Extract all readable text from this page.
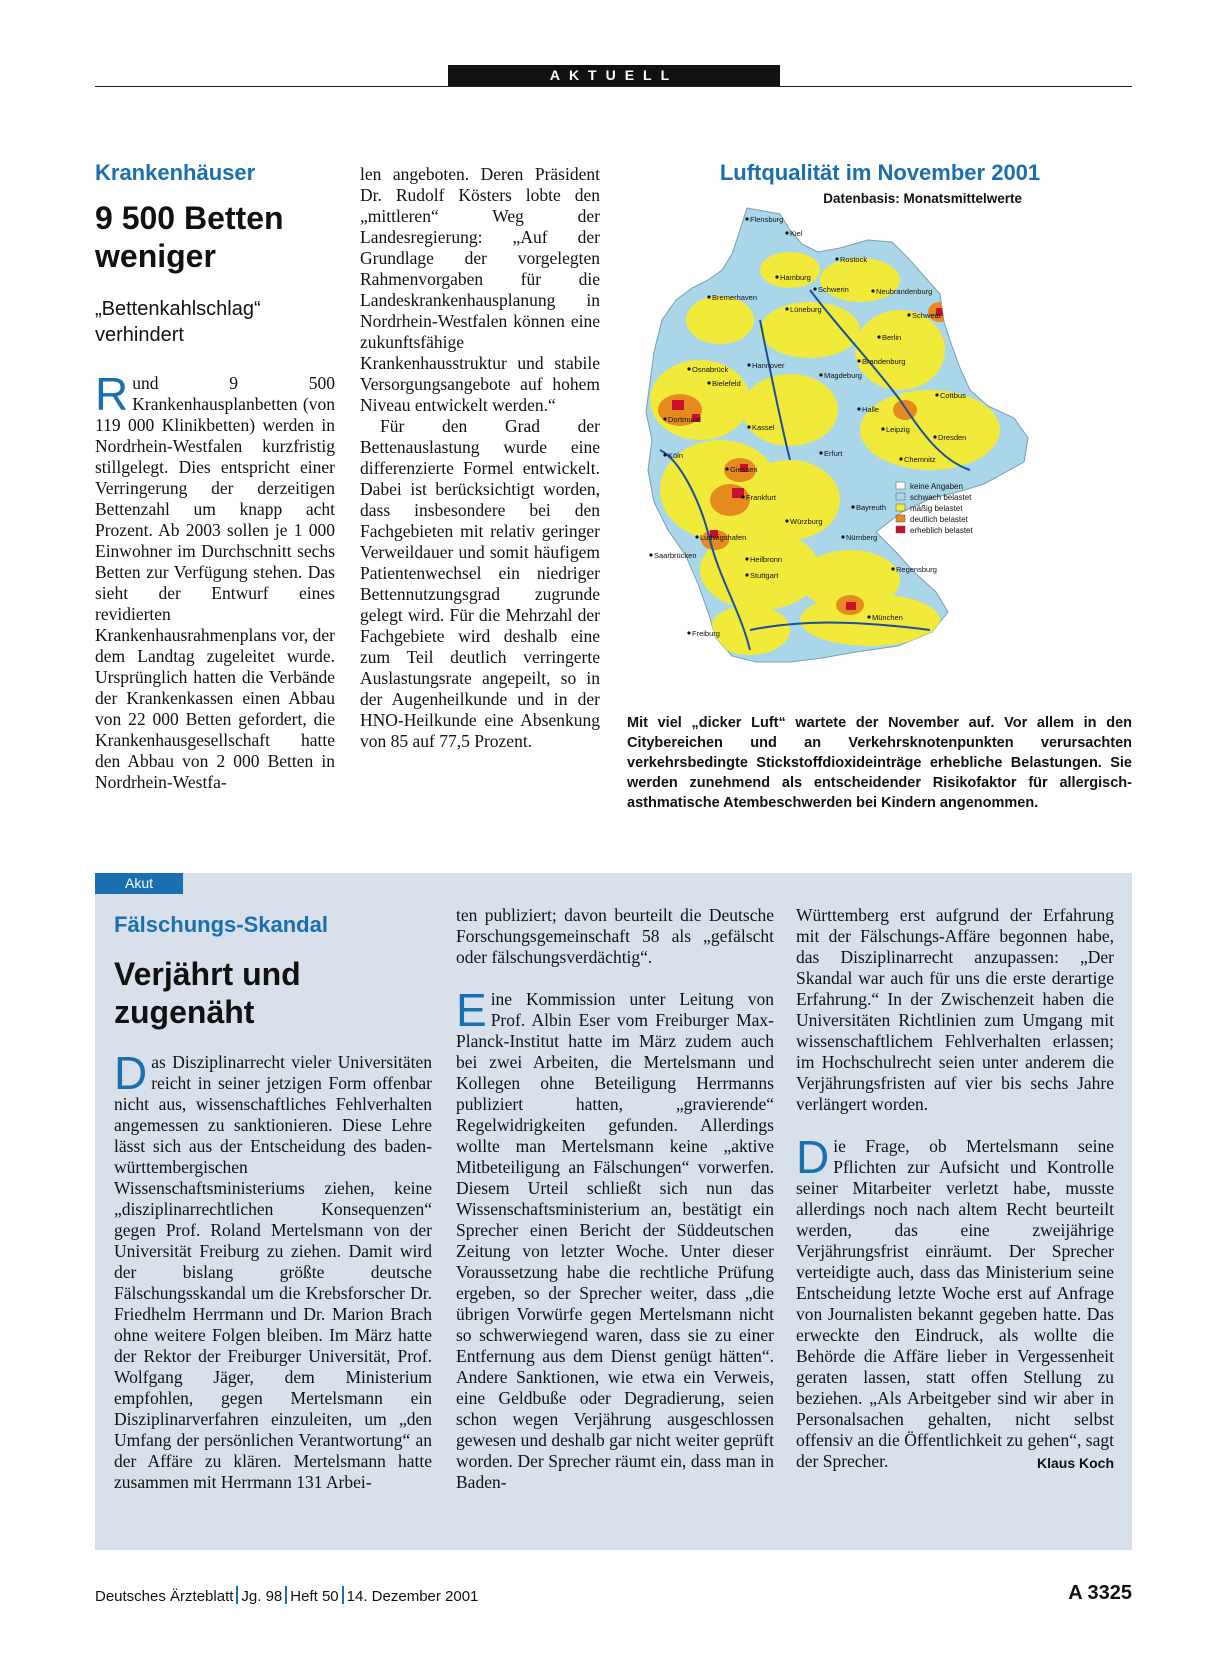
AKTUELL
Krankenhäuser
9 500 Betten weniger
„Bettenkahlschlag“ verhindert

Rund 9 500 Krankenhausplanbetten (von 119 000 Klinikbetten) werden in Nordrhein-Westfalen kurzfristig stillgelegt. Dies entspricht einer Verringerung der derzeitigen Bettenzahl um knapp acht Prozent. Ab 2003 sollen je 1 000 Einwohner im Durchschnitt sechs Betten zur Verfügung stehen. Das sieht der Entwurf eines revidierten Krankenhausrahmenplans vor, der dem Landtag zugeleitet wurde. Ursprünglich hatten die Verbände der Krankenkassen einen Abbau von 22 000 Betten gefordert, die Krankenhausgesellschaft hatte den Abbau von 2 000 Betten in Nordrhein-Westfa-

len angeboten. Deren Präsident Dr. Rudolf Kösters lobte den „mittleren“ Weg der Landesregierung: „Auf der Grundlage der vorgelegten Rahmenvorgaben für die Landeskrankenhausplanung in Nordrhein-Westfalen können eine zukunftsfähige Krankenhausstruktur und stabile Versorgungsangebote auf hohem Niveau entwickelt werden.“

Für den Grad der Bettenauslastung wurde eine differenzierte Formel entwickelt. Dabei ist berücksichtigt worden, dass insbesondere bei den Fachgebieten mit relativ geringer Verweildauer und somit häufigem Patientenwechsel ein niedriger Bettennutzungsgrad zugrunde gelegt wird. Für die Mehrzahl der Fachgebiete wird deshalb eine zum Teil deutlich verringerte Auslastungsrate angepeilt, so in der Augenheilkunde und in der HNO-Heilkunde eine Absenkung von 85 auf 77,5 Prozent.

Luftqualität im November 2001
Datenbasis: Monatsmittelwerte
keine Angaben
schwach belastet
mäßig belastet
deutlich belastet
erheblich belastet
Flensburg
Kiel
Rostock
Hamburg
Schwerin	Neubrandenburg
Bremerhaven
Lüneburg
Schwedt
Berlin
Osnabrück	Hannover
Magdeburg
Brandenburg
Bielefeld
Halle
Cottbus
Dortmund
Kassel	Leipzig
Dresden
Köln	Erfurt
Chemnitz
Giessen
Frankfurt
Bayreuth
Würzburg
Ludwigshafen	Nürnberg
Saarbrücken	Heilbronn
Regensburg
Stuttgart
Freiburg
München
Mit viel „dicker Luft“ wartete der November auf. Vor allem in den Citybereichen und an Verkehrsknotenpunkten verursachten verkehrsbedingte Stickstoffdioxideinträge erhebliche Belastungen. Sie werden zunehmend als entscheidender Risikofaktor für allergisch-asthmatische Atembeschwerden bei Kindern angenommen.
Akut
Fälschungs-Skandal
Verjährt und zugenäht

Das Disziplinarrecht vieler Universitäten reicht in seiner jetzigen Form offenbar nicht aus, wissenschaftliches Fehlverhalten angemessen zu sanktionieren. Diese Lehre lässt sich aus der Entscheidung des baden-württembergischen Wissenschaftsministeriums ziehen, keine „disziplinarrechtlichen Konsequenzen“ gegen Prof. Roland Mertelsmann von der Universität Freiburg zu ziehen. Damit wird der bislang größte deutsche Fälschungsskandal um die Krebsforscher Dr. Friedhelm Herrmann und Dr. Marion Brach ohne weitere Folgen bleiben. Im März hatte der Rektor der Freiburger Universität, Prof. Wolfgang Jäger, dem Ministerium empfohlen, gegen Mertelsmann ein Disziplinarverfahren einzuleiten, um „den Umfang der persönlichen Verantwortung“ an der Affäre zu klären. Mertelsmann hatte zusammen mit Herrmann 131 Arbei-

ten publiziert; davon beurteilt die Deutsche Forschungsgemeinschaft 58 als „gefälscht oder fälschungsverdächtig“.

Eine Kommission unter Leitung von Prof. Albin Eser vom Freiburger Max-Planck-Institut hatte im März zudem auch bei zwei Arbeiten, die Mertelsmann und Kollegen ohne Beteiligung Herrmanns publiziert hatten, „gravierende“ Regelwidrigkeiten gefunden. Allerdings wollte man Mertelsmann keine „aktive Mitbeteiligung an Fälschungen“ vorwerfen. Diesem Urteil schließt sich nun das Wissenschaftsministerium an, bestätigt ein Sprecher einen Bericht der Süddeutschen Zeitung von letzter Woche. Unter dieser Voraussetzung habe die rechtliche Prüfung ergeben, so der Sprecher weiter, dass „die übrigen Vorwürfe gegen Mertelsmann nicht so schwerwiegend waren, dass sie zu einer Entfernung aus dem Dienst genügt hätten“. Andere Sanktionen, wie etwa ein Verweis, eine Geldbuße oder Degradierung, seien schon wegen Verjährung ausgeschlossen gewesen und deshalb gar nicht weiter geprüft worden. Der Sprecher räumt ein, dass man in Baden-

Württemberg erst aufgrund der Erfahrung mit der Fälschungs-Affäre begonnen habe, das Disziplinarrecht anzupassen: „Der Skandal war auch für uns die erste derartige Erfahrung.“ In der Zwischenzeit haben die Universitäten Richtlinien zum Umgang mit wissenschaftlichem Fehlverhalten erlassen; im Hochschulrecht seien unter anderem die Verjährungsfristen auf vier bis sechs Jahre verlängert worden.

Die Frage, ob Mertelsmann seine Pflichten zur Aufsicht und Kontrolle seiner Mitarbeiter verletzt habe, musste allerdings noch nach altem Recht beurteilt werden, das eine zweijährige Verjährungsfrist einräumt. Der Sprecher verteidigte auch, dass das Ministerium seine Entscheidung letzte Woche erst auf Anfrage von Journalisten bekannt gegeben hatte. Das erweckte den Eindruck, als wollte die Behörde die Affäre lieber in Vergessenheit geraten lassen, statt offen Stellung zu beziehen. „Als Arbeitgeber sind wir aber in Personalsachen gehalten, nicht selbst offensiv an die Öffentlichkeit zu gehen“, sagt der Sprecher.	Klaus Koch
Deutsches Ärzteblatt Jg. 98 Heft 50 14. Dezember 2001	A 3325
